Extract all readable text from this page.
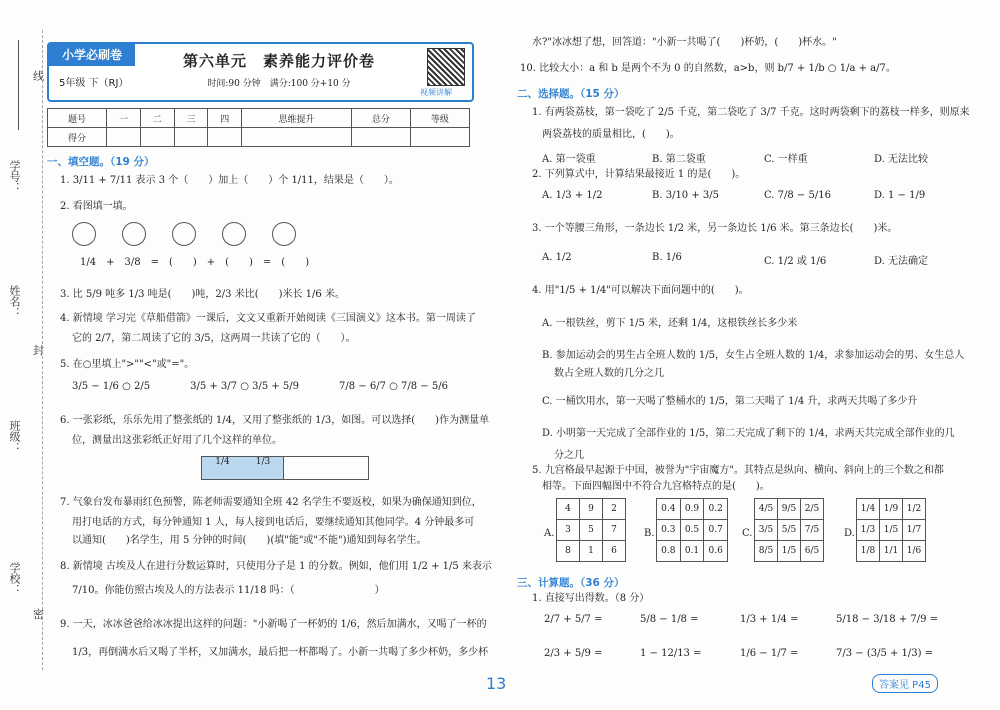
线
学号：
姓名：
封
班级：
学校：
密
小学必刷卷
5年级 下（RJ）
第六单元　素养能力评价卷
时间:90 分钟　满分:100 分+10 分
视频讲解
题号	一	二	三	四	思维提升	总分	等级
得分							
一、填空题。（19 分）
1. 3/11 + 7/11 表示 3 个（　　）加上（　　）个 1/11，结果是（　　）。
2. 看图填一填。
1/4　+　3/8　=　(　　)　+　(　　)　=　(　　)
3. 比 5/9 吨多 1/3 吨是(　　)吨，2/3 米比(　　)米长 1/6 米。
4. 新情境 学习完《草船借箭》一课后，文文又重新开始阅读《三国演义》这本书。第一周读了
它的 2/7，第二周读了它的 3/5，这两周一共读了它的（　　）。
5. 在○里填上">""<"或"="。
3/5 − 1/6 ○ 2/5　　　　3/5 + 3/7 ○ 3/5 + 5/9　　　　7/8 − 6/7 ○ 7/8 − 5/6
6. 一张彩纸，乐乐先用了整张纸的 1/4，又用了整张纸的 1/3，如图。可以选择(　　)作为测量单
位，测量出这张彩纸正好用了几个这样的单位。
1/4	1/3
7. 气象台发布暴雨红色预警，陈老师需要通知全班 42 名学生不要返校，如果为确保通知到位，
用打电话的方式，每分钟通知 1 人，每人接到电话后，要继续通知其他同学。4 分钟最多可
以通知(　　)名学生，用 5 分钟的时间(　　)(填"能"或"不能")通知到每名学生。
8. 新情境 古埃及人在进行分数运算时，只使用分子是 1 的分数。例如，他们用 1/2 + 1/5 来表示
7/10。你能仿照古埃及人的方法表示 11/18 吗：（　　　　　　　　）
9. 一天，冰冰爸爸给冰冰提出这样的问题："小新喝了一杯奶的 1/6，然后加满水，又喝了一杯的
1/3，再倒满水后又喝了半杯，又加满水，最后把一杯都喝了。小新一共喝了多少杯奶，多少杯
水?"冰冰想了想，回答道："小新一共喝了(　　)杯奶，(　　)杯水。"
10. 比较大小：a 和 b 是两个不为 0 的自然数，a>b，则 b/7 + 1/b ○ 1/a + a/7。
二、选择题。（15 分）
1. 有两袋荔枝，第一袋吃了 2/5 千克，第二袋吃了 3/7 千克。这时两袋剩下的荔枝一样多，则原来
两袋荔枝的质量相比，(　　)。
A. 第一袋重	B. 第二袋重	C. 一样重	D. 无法比较
2. 下列算式中，计算结果最接近 1 的是(　　)。
A. 1/3 + 1/2	B. 3/10 + 3/5	C. 7/8 − 5/16	D. 1 − 1/9
3. 一个等腰三角形，一条边长 1/2 米，另一条边长 1/6 米。第三条边长(　　)米。
A. 1/2	B. 1/6	C. 1/2 或 1/6	D. 无法确定
4. 用"1/5 + 1/4"可以解决下面问题中的(　　)。
A. 一根铁丝，剪下 1/5 米，还剩 1/4，这根铁丝长多少米
B. 参加运动会的男生占全班人数的 1/5，女生占全班人数的 1/4，求参加运动会的男、女生总人
数占全班人数的几分之几
C. 一桶饮用水，第一天喝了整桶水的 1/5，第二天喝了 1/4 升，求两天共喝了多少升
D. 小明第一天完成了全部作业的 1/5，第二天完成了剩下的 1/4，求两天共完成全部作业的几
分之几
5. 九宫格最早起源于中国，被誉为"宇宙魔方"。其特点是纵向、横向、斜向上的三个数之和都
相等。下面四幅图中不符合九宫格特点的是(　　)。
A.
4	9	2
3	5	7
8	1	6
B.
0.4	0.9	0.2
0.3	0.5	0.7
0.8	0.1	0.6
C.
4/5	9/5	2/5
3/5	5/5	7/5
8/5	1/5	6/5
D.
1/4	1/9	1/2
1/3	1/5	1/7
1/8	1/1	1/6
三、计算题。（36 分）
1. 直接写出得数。（8 分）
2/7 + 5/7 =	5/8 − 1/8 =	1/3 + 1/4 =	5/18 − 3/18 + 7/9 =
2/3 + 5/9 =	1 − 12/13 =	1/6 − 1/7 =	7/3 − (3/5 + 1/3) =
13	答案见 P45
